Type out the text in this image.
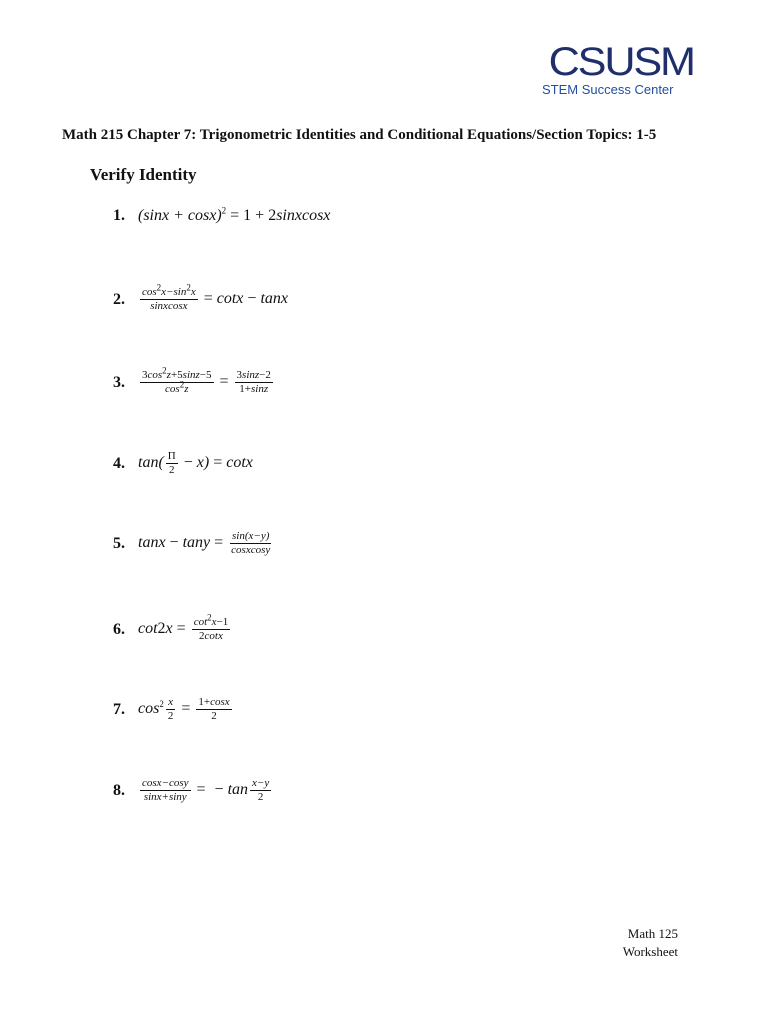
CSUSM
STEM Success Center
Math 215 Chapter 7: Trigonometric Identities and Conditional Equations/Section Topics: 1-5
Verify Identity
1. $(\sin x + \cos x)^2 = 1$ + 2sinxcosx
2.	$\frac{\cos^2x-\sin^2x}{\text{sinxcosx}} = \cot x - \tan x$
3.	$\frac{3\cos^2z+5\sin z-5}{\cos^2z} = \frac{3\sin z-2}{1+\sin z}$
4. $\tan( \frac{\Pi}{2} - x) = \cot x$
5. $\tan x - \tan y = \frac{\sin(x-y)}{\text{cosxcosy}}$
6. $\cot 2x = \frac{\cot^2x-1}{2\cot x}$
7. $\cos^2 \frac{x}{2} = \frac{1+\cos x}{2}$
8.	$\frac{\cos x-\cos y}{\sin x+\sin y}$ = − $\tan \frac{x-y}{2}$
Math 125
Worksheet
